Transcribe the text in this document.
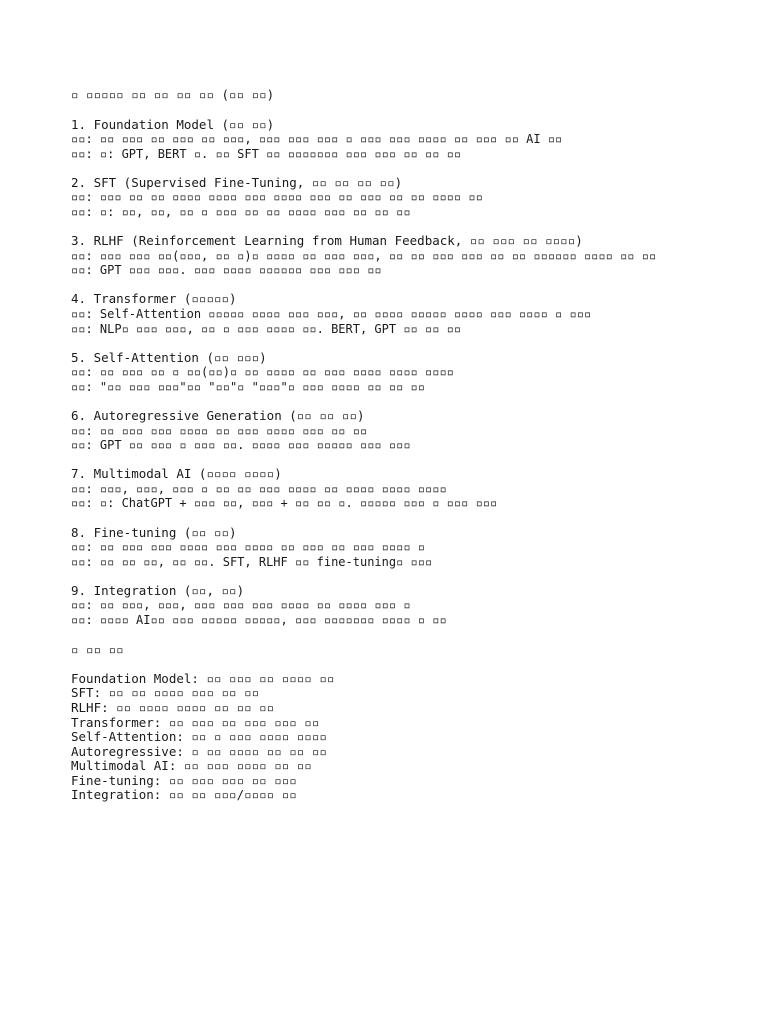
▫ ▫▫▫▫▫ ▫▫ ▫▫ ▫▫ ▫▫ (▫▫ ▫▫)
1. Foundation Model (▫▫ ▫▫)
▫▫: ▫▫ ▫▫▫ ▫▫ ▫▫▫ ▫▫ ▫▫▫, ▫▫▫ ▫▫▫ ▫▫▫ ▫ ▫▫▫ ▫▫▫ ▫▫▫▫ ▫▫ ▫▫▫ ▫▫ AI ▫▫
▫▫: ▫: GPT, BERT ▫. ▫▫ SFT ▫▫ ▫▫▫▫▫▫▫ ▫▫▫ ▫▫▫ ▫▫ ▫▫ ▫▫
2. SFT (Supervised Fine-Tuning, ▫▫ ▫▫ ▫▫ ▫▫)
▫▫: ▫▫▫ ▫▫ ▫▫ ▫▫▫▫ ▫▫▫▫ ▫▫▫ ▫▫▫▫ ▫▫▫ ▫▫ ▫▫▫ ▫▫ ▫▫ ▫▫▫▫ ▫▫
▫▫: ▫: ▫▫, ▫▫, ▫▫ ▫ ▫▫▫ ▫▫ ▫▫ ▫▫▫▫ ▫▫▫ ▫▫ ▫▫ ▫▫
3. RLHF (Reinforcement Learning from Human Feedback, ▫▫ ▫▫▫ ▫▫ ▫▫▫▫)
▫▫: ▫▫▫ ▫▫▫ ▫▫(▫▫▫, ▫▫ ▫)▫ ▫▫▫▫ ▫▫ ▫▫▫ ▫▫▫, ▫▫ ▫▫ ▫▫▫ ▫▫▫ ▫▫ ▫▫ ▫▫▫▫▫▫ ▫▫▫▫ ▫▫ ▫▫
▫▫: GPT ▫▫▫ ▫▫▫. ▫▫▫ ▫▫▫▫ ▫▫▫▫▫▫ ▫▫▫ ▫▫▫ ▫▫
4. Transformer (▫▫▫▫▫)
▫▫: Self-Attention ▫▫▫▫▫ ▫▫▫▫ ▫▫▫ ▫▫▫, ▫▫ ▫▫▫▫ ▫▫▫▫▫ ▫▫▫▫ ▫▫▫ ▫▫▫▫ ▫ ▫▫▫
▫▫: NLP▫ ▫▫▫ ▫▫▫, ▫▫ ▫ ▫▫▫ ▫▫▫▫ ▫▫. BERT, GPT ▫▫ ▫▫ ▫▫
5. Self-Attention (▫▫ ▫▫▫)
▫▫: ▫▫ ▫▫▫ ▫▫ ▫ ▫▫(▫▫)▫ ▫▫ ▫▫▫▫ ▫▫ ▫▫▫ ▫▫▫▫ ▫▫▫▫ ▫▫▫▫
▫▫: "▫▫ ▫▫▫ ▫▫▫"▫▫ "▫▫"▫ "▫▫▫"▫ ▫▫▫ ▫▫▫▫ ▫▫ ▫▫ ▫▫
6. Autoregressive Generation (▫▫ ▫▫ ▫▫)
▫▫: ▫▫ ▫▫▫ ▫▫▫ ▫▫▫▫ ▫▫ ▫▫▫ ▫▫▫▫ ▫▫▫ ▫▫ ▫▫
▫▫: GPT ▫▫ ▫▫▫ ▫ ▫▫▫ ▫▫. ▫▫▫▫ ▫▫▫ ▫▫▫▫▫ ▫▫▫ ▫▫▫
7. Multimodal AI (▫▫▫▫ ▫▫▫▫)
▫▫: ▫▫▫, ▫▫▫, ▫▫▫ ▫ ▫▫ ▫▫ ▫▫▫ ▫▫▫▫ ▫▫ ▫▫▫▫ ▫▫▫▫ ▫▫▫▫
▫▫: ▫: ChatGPT + ▫▫▫ ▫▫, ▫▫▫ + ▫▫ ▫▫ ▫. ▫▫▫▫▫ ▫▫▫ ▫ ▫▫▫ ▫▫▫
8. Fine-tuning (▫▫ ▫▫)
▫▫: ▫▫ ▫▫▫ ▫▫▫ ▫▫▫▫ ▫▫▫ ▫▫▫▫ ▫▫ ▫▫▫ ▫▫ ▫▫▫ ▫▫▫▫ ▫
▫▫: ▫▫ ▫▫ ▫▫, ▫▫ ▫▫. SFT, RLHF ▫▫ fine-tuning▫ ▫▫▫
9. Integration (▫▫, ▫▫)
▫▫: ▫▫ ▫▫▫, ▫▫▫, ▫▫▫ ▫▫▫ ▫▫▫ ▫▫▫▫ ▫▫ ▫▫▫▫ ▫▫▫ ▫
▫▫: ▫▫▫▫ AI▫▫ ▫▫▫ ▫▫▫▫▫ ▫▫▫▫▫, ▫▫▫ ▫▫▫▫▫▫▫ ▫▫▫▫ ▫ ▫▫
▫ ▫▫ ▫▫
Foundation Model: ▫▫ ▫▫▫ ▫▫ ▫▫▫▫ ▫▫
SFT: ▫▫ ▫▫ ▫▫▫▫ ▫▫▫ ▫▫ ▫▫
RLHF: ▫▫ ▫▫▫▫ ▫▫▫▫ ▫▫ ▫▫ ▫▫
Transformer: ▫▫ ▫▫▫ ▫▫ ▫▫▫ ▫▫▫ ▫▫
Self-Attention: ▫▫ ▫ ▫▫▫ ▫▫▫▫ ▫▫▫▫
Autoregressive: ▫ ▫▫ ▫▫▫▫ ▫▫ ▫▫ ▫▫
Multimodal AI: ▫▫ ▫▫▫ ▫▫▫▫ ▫▫ ▫▫
Fine-tuning: ▫▫ ▫▫▫ ▫▫▫ ▫▫ ▫▫▫
Integration: ▫▫ ▫▫ ▫▫▫/▫▫▫▫ ▫▫
